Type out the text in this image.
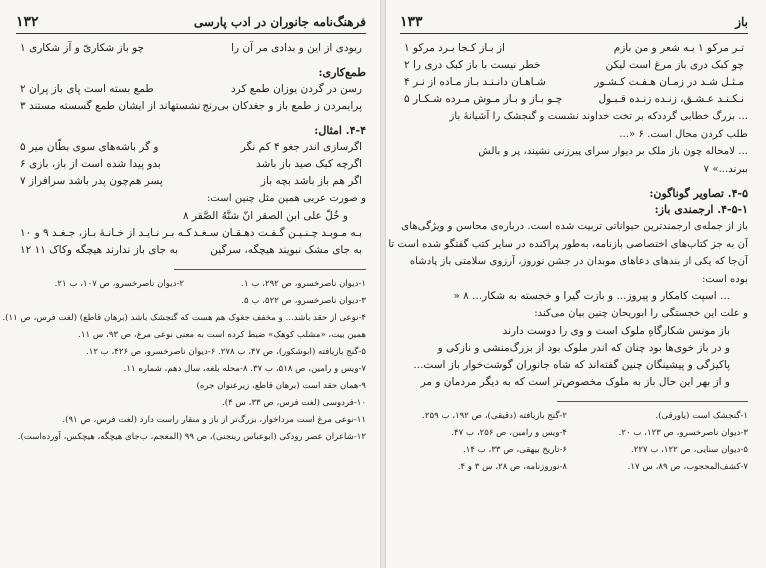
فرهنگ‌نامه جانوران در ادب پارسی
۱۳۲
ربودی از این و بدادی مر آن را
چو باز شکاریّ و آز شکاری ۱
طمع‌کاری:
رسن در گردن یوزان طمع کرد
طمع بسته است پای باز پران ۲
پرایمردن ز طمع باز و جغدکان بی‌رنج
نشستهاند از ایشان طمع گسسته مستند ۳
۴-۴. امثال:
اگرسازی اندر جغو ۴ کم نگر
و گر باشه‌های سوی بطّان میر ۵
اگرچه کبک صید باز باشد
بدو پیدا شده است از باز، بازی ۶
اگر هم باز باشد بچه‌ باز
پسر هم‌چون پدر باشد سرافراز ۷
و صورت عربی همین مثل چنین است:
و خُلّ علی ابن الصقر انّ شنَّهُ الصَّقر ۸
بـه مـوبـد چـنـیـن گـفـت دهـقـان سـغـد
کـه بـر نـایـد از خـانـهٔ بـاز، جـغـد ۹ و ۱۰
به جای مشک نبویند هیچگه، سرگین
به جای باز ندارند هیچگه وکاک ۱۱ ۱۲
۱-دیوان ناصرخسرو، ص ۲۹۲، ب ۱.
۲-دیوان ناصرخسرو، ص ۱۰۷، ب ۲۱.
۳-دیوان ناصرخسرو، ص ۵۲۲، ب ۵.
۴-نوعی از حقد باشد... و مخفف جغوک هم هست که گنجشک باشد (برهان قاطع) (لغت فرس، ص ۱۱).
همین بیت، «مشلب کوهک» ضبط کرده است به معنی نوعی مرغ، ص ۹۳، س ۱۱.
۵-گنج بازیافته (ابوشکور)، ص ۴۷، ب ۲۷۸. ۶-دیوان ناصرخسرو، ص ۴۲۶، ب ۱۲.
۷-ویس و رامین، ص ۵۱۸، ب ۳۷. ۸-محله بلغه، سال دهم، شماره ۱۱.
۹-همان حقد است (برهان قاطع، زیرعنوان جره)
۱۰-فردوسی (لغت فرس، ص ۳۳، س ۴).
۱۱-نوعی مرغ است مرداخوار، بزرگ‌تر از باز و منقار راست دارد (لغت فرس، ص ۹۱).
۱۲-شاعران عصر رودکی (ابوعباس ربنجنی)، ص ۹۹ (المعجم، ب‌جای هیچگه، هیچکس، آورده‌است).
باز
۱۳۳
تـر مرکو ۱ بـه شعر و من بازم
از بـاز کـجا بـرد مرکو ۱
چو کبک دری باز مرغ است لیکن
خطر نیست با باز کبک دری را ۲
مـثـل شـد در زمـان هـفـت کـشـور
شـاهـان دانـنـد بـاز مـاده از نـر ۴
نـکـنـد عـشـق، زنـده زنـده قـبـول
چـو بـاز و بـاز مـوش مـرده شـکـار ۵
... بزرگ خطابی گرددکه بر تخت خداوند نشست و گنجشک را آشیانهٔ باز
طلب کردن محال است. ۶ «...
... لامحاله چون باز ملک بر دیوار سرای پیرزنی نشیند، پر و بالش
ببرند...» ۷
۴-۵. تصاویر گوناگون:
۴-۵-۱. ارجمندی باز:
باز از جمله‌ی ارجمندترین حیواناتی تربیت شده است. درباره‌ی محاسن و ویژگی‌های
آن به جز کتاب‌های اختصاصی بازنامه، به‌طور پراکنده در سایر کتب گفتگو شده است تا
آن‌جا که یکی از بندهای دعاهای موبدان در جشن نوروز، آرزوی سلامتی باز پادشاه
بوده است:
... اسپت کامکار و پیروز... و بازت گیرا و خجسته به شکار... ۸ «
و علت این خجستگی را ابوریحان چنین بیان می‌کند:
باز مونس شکارگاهِ ملوک است و وی را دوست دارند
و در باز خوی‌ها بود چنان که اندر ملوک بود از بزرگ‌منشی و نازکی و
پاکیزگی و پیشینگان چنین گفته‌اند که شاه جانوران گوشت‌خوار باز است...
و از بهر این حال باز به ملوک مخصوص‌تر است که به دیگر مردمان و مر
۱-گنجشک است (یاورقی).
۲-گنج بازیافته (دقیقی)، ص ۱۹۲، ب ۲۵۹.
۳-دیوان ناصرخسرو، ص ۱۲۳، ب ۲۰.
۴-ویس و رامین، ص ۲۵۶، ب ۴۷.
۵-دیوان سنایی، ص ۱۲۲، ب ۲۲۷.
۶-تاریخ بیهقی، ص ۳۳، ب ۱۴.
۷-کشف‌المحجوب، ص ۸۹، س ۱۷.
۸-نوروزنامه، ص ۲۸، س ۳ و ۴.
